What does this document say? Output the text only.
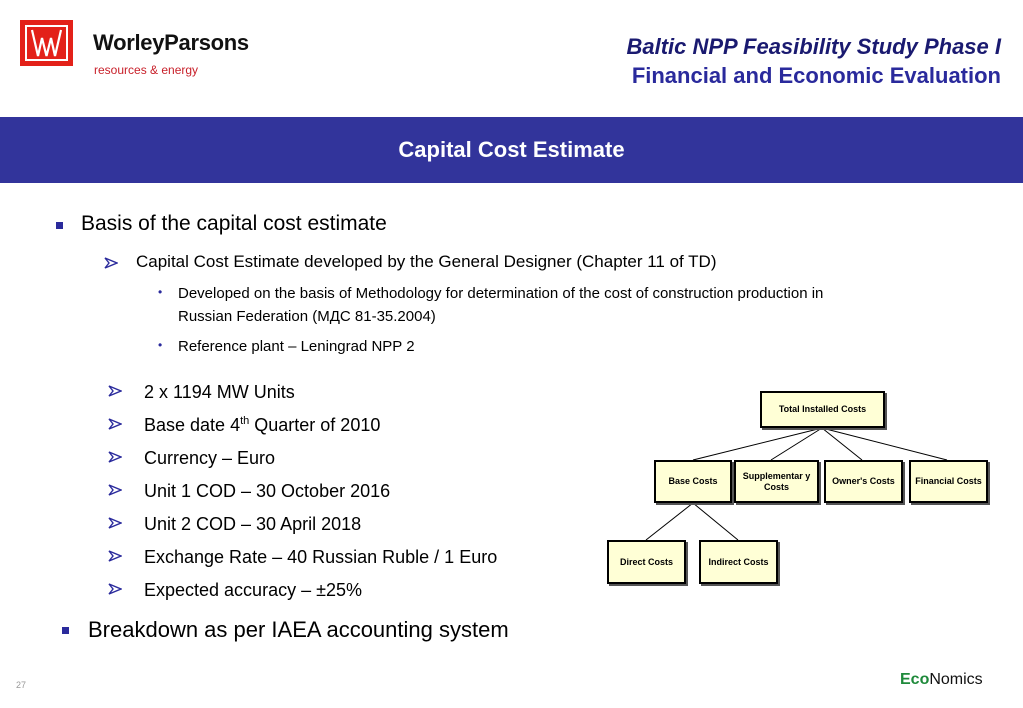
WorleyParsons
resources & energy
Baltic NPP Feasibility Study Phase I
Financial and Economic Evaluation
Capital Cost Estimate
Basis of the capital cost estimate
Capital Cost Estimate developed by the General Designer (Chapter 11 of TD)
• Developed on the basis of Methodology for determination of the cost of construction production in
Russian Federation (МДС 81-35.2004)
• Reference plant – Leningrad NPP 2
2 x 1194 MW Units
Base date 4th Quarter of 2010
Currency – Euro
Unit 1 COD – 30 October 2016
Unit 2 COD – 30 April 2018
Exchange Rate – 40 Russian Ruble / 1 Euro
Expected accuracy – ±25%
Breakdown as per IAEA accounting system
Total Installed Costs
Base Costs
Supplementar y Costs
Owner's Costs	Financial Costs
Direct Costs	Indirect Costs
27	EcoNomics
